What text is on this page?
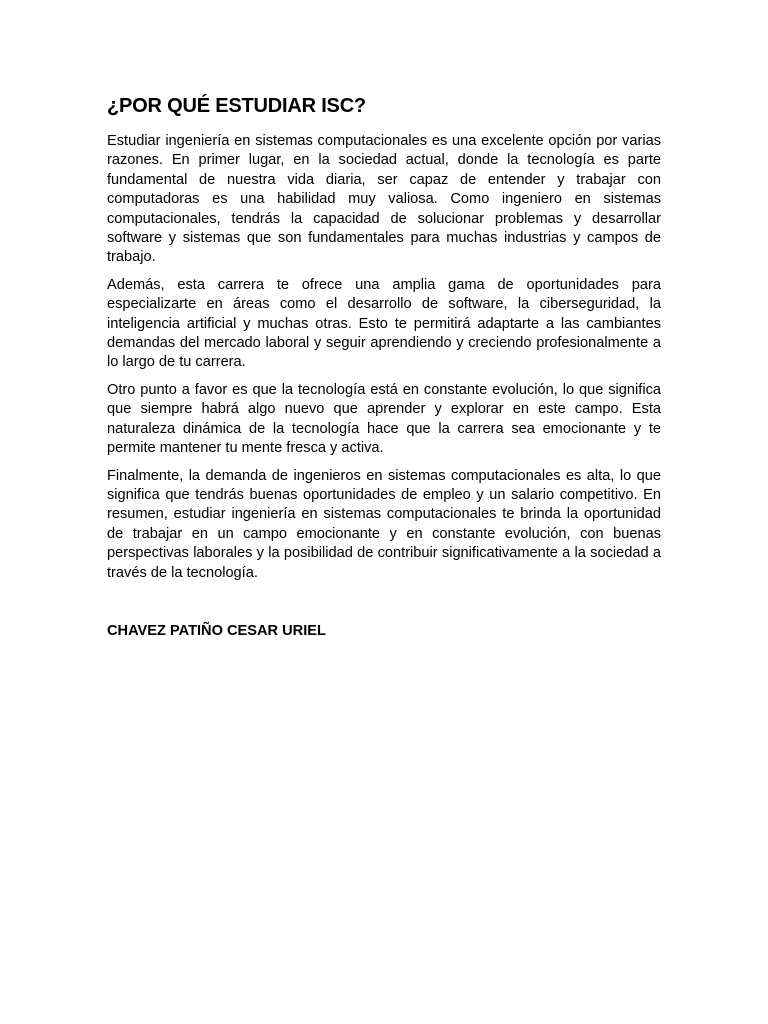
¿POR QUÉ ESTUDIAR ISC?

Estudiar ingeniería en sistemas computacionales es una excelente opción por varias razones. En primer lugar, en la sociedad actual, donde la tecnología es parte fundamental de nuestra vida diaria, ser capaz de entender y trabajar con computadoras es una habilidad muy valiosa. Como ingeniero en sistemas computacionales, tendrás la capacidad de solucionar problemas y desarrollar software y sistemas que son fundamentales para muchas industrias y campos de trabajo.

Además, esta carrera te ofrece una amplia gama de oportunidades para especializarte en áreas como el desarrollo de software, la ciberseguridad, la inteligencia artificial y muchas otras. Esto te permitirá adaptarte a las cambiantes demandas del mercado laboral y seguir aprendiendo y creciendo profesionalmente a lo largo de tu carrera.

Otro punto a favor es que la tecnología está en constante evolución, lo que significa que siempre habrá algo nuevo que aprender y explorar en este campo. Esta naturaleza dinámica de la tecnología hace que la carrera sea emocionante y te permite mantener tu mente fresca y activa.

Finalmente, la demanda de ingenieros en sistemas computacionales es alta, lo que significa que tendrás buenas oportunidades de empleo y un salario competitivo. En resumen, estudiar ingeniería en sistemas computacionales te brinda la oportunidad de trabajar en un campo emocionante y en constante evolución, con buenas perspectivas laborales y la posibilidad de contribuir significativamente a la sociedad a través de la tecnología.

CHAVEZ PATIÑO CESAR URIEL
